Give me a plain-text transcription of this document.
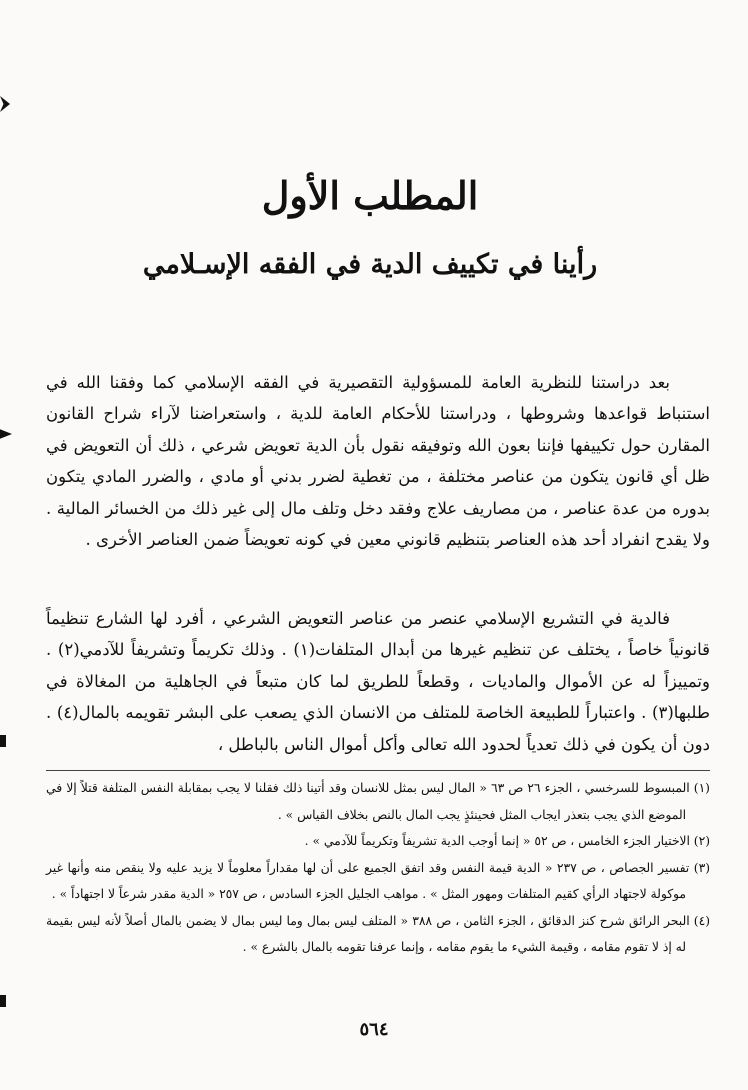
المطلب الأول
رأينا في تكييف الدية في الفقه الإسـلامي

بعد دراستنا للنظرية العامة للمسؤولية التقصيرية في الفقه الإسلامي كما وفقنا الله في استنباط قواعدها وشروطها ، ودراستنا للأحكام العامة للدية ، واستعراضنا لآراء شراح القانون المقارن حول تكييفها فإننا بعون الله وتوفيقه نقول بأن الدية تعويض شرعي ، ذلك أن التعويض في ظل أي قانون يتكون من عناصر مختلفة ، من تغطية لضرر بدني أو مادي ، والضرر المادي يتكون بدوره من عدة عناصر ، من مصاريف علاج وفقد دخل وتلف مال إلى غير ذلك من الخسائر المالية . ولا يقدح انفراد أحد هذه العناصر بتنظيم قانوني معين في كونه تعويضاً ضمن العناصر الأخرى .

فالدية في التشريع الإسلامي عنصر من عناصر التعويض الشرعي ، أفرد لها الشارع تنظيماً قانونياً خاصاً ، يختلف عن تنظيم غيرها من أبدال المتلفات(١) . وذلك تكريماً وتشريفاً للآدمي(٢) . وتمييزاً له عن الأموال والماديات ، وقطعاً للطريق لما كان متبعاً في الجاهلية من المغالاة في طلبها(٣) . واعتباراً للطبيعة الخاصة للمتلف من الانسان الذي يصعب على البشر تقويمه بالمال(٤) . دون أن يكون في ذلك تعدياً لحدود الله تعالى وأكل أموال الناس بالباطل ،

(١) المبسوط للسرخسي ، الجزء ٢٦ ص ٦٣ « المال ليس بمثل للانسان وقد أتينا ذلك فقلنا لا يجب بمقابلة النفس المتلفة قتلاً إلا في الموضع الذي يجب بتعذر ايجاب المثل فحينئذٍ يجب المال بالنص بخلاف القياس » .

(٢) الاختيار الجزء الخامس ، ص ٥٢ « إنما أوجب الدية تشريفاً وتكريماً للآدمي » .

(٣) تفسير الجصاص ، ص ٢٣٧ « الدية قيمة النفس وقد اتفق الجميع على أن لها مقداراً معلوماً لا يزيد عليه ولا ينقص منه وأنها غير موكولة لاجتهاد الرأي كقيم المتلفات ومهور المثل » . مواهب الجليل الجزء السادس ، ص ٢٥٧ « الدية مقدر شرعاً لا اجتهاداً » .

(٤) البحر الرائق شرح كنز الدقائق ، الجزء الثامن ، ص ٣٨٨ « المتلف ليس بمال وما ليس بمال لا يضمن بالمال أصلاً لأنه ليس بقيمة له إذ لا تقوم مقامه ، وقيمة الشيء ما يقوم مقامه ، وإنما عرفنا تقومه بالمال بالشرع » .

٥٦٤
